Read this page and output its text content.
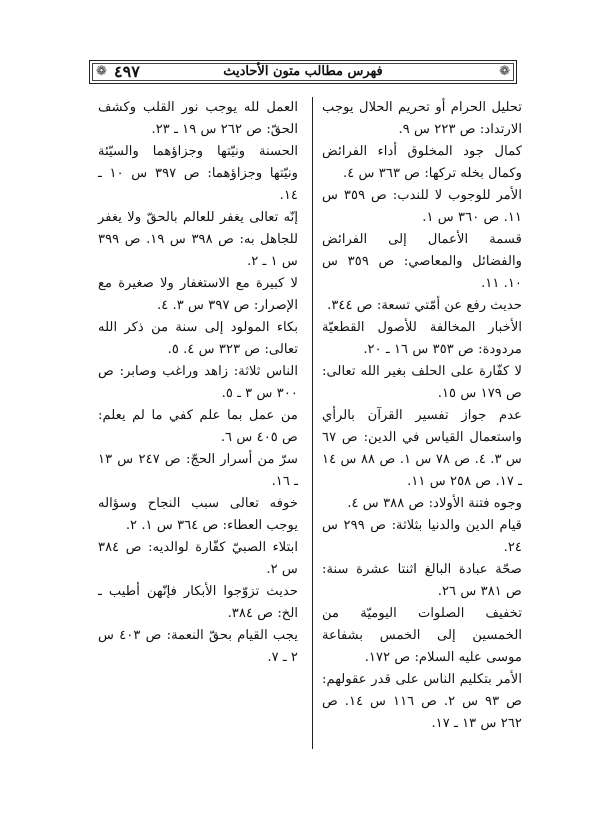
❁
فهرس مطالب متون الأحاديث
٤٩٧
❁

تحليل الحرام أو تحريم الحلال يوجب الارتداد: ص ٢٢٣ س ٩.

كمال جود المخلوق أداء الفرائض وكمال بخله تركها: ص ٣٦٣ س ٤.

الأمر للوجوب لا للندب: ص ٣٥٩ س ١١. ص ٣٦٠ س ١.

قسمة الأعمال إلى الفرائض والفضائل والمعاصي: ص ٣٥٩ س ١٠. ١١.

حديث رفع عن أمّتي تسعة: ص ٣٤٤.

الأخبار المخالفة للأصول القطعيّة مردودة: ص ٣٥٣ س ١٦ ـ ٢٠.

لا كفّارة على الحلف بغير الله تعالى: ص ١٧٩ س ١٥.

عدم جواز تفسير القرآن بالرأي واستعمال القياس في الدين: ص ٦٧ س ٣. ٤. ص ٧٨ س ١. ص ٨٨ س ١٤ ـ ١٧. ص ٢٥٨ س ١١.

وجوه فتنة الأولاد: ص ٣٨٨ س ٤.

قيام الدين والدنيا بثلاثة: ص ٢٩٩ س ٢٤.

صحّة عبادة البالغ اثنتا عشرة سنة: ص ٣٨١ س ٢٦.

تخفيف الصلوات اليوميّة من الخمسين إلى الخمس بشفاعة موسى عليه السلام: ص ١٧٢.

الأمر بتكليم الناس على قدر عقولهم: ص ٩٣ س ٢. ص ١١٦ س ١٤. ص ٢٦٢ س ١٣ ـ ١٧.

العمل لله يوجب نور القلب وكشف الحقّ: ص ٢٦٢ س ١٩ ـ ٢٣.

الحسنة ونيّتها وجزاؤهما والسيّئة ونيّتها وجزاؤهما: ص ٣٩٧ س ١٠ ـ ١٤.

إنّه تعالى يغفر للعالم بالحقّ ولا يغفر للجاهل به: ص ٣٩٨ س ١٩. ص ٣٩٩ س ١ ـ ٢.

لا كبيرة مع الاستغفار ولا صغيرة مع الإصرار: ص ٣٩٧ س ٣. ٤.

بكاء المولود إلى سنة من ذكر الله تعالى: ص ٣٢٣ س ٤. ٥.

الناس ثلاثة: زاهد وراغب وصابر: ص ٣٠٠ س ٣ ـ ٥.

من عمل بما علم كفي ما لم يعلم: ص ٤٠٥ س ٦.

سرّ من أسرار الحجّ: ص ٢٤٧ س ١٣ ـ ١٦.

خوفه تعالى سبب النجاح وسؤاله يوجب العطاء: ص ٣٦٤ س ١. ٢.

ابتلاء الصبيّ كفّارة لوالديه: ص ٣٨٤ س ٢.

حديث تزوّجوا الأبكار فإنّهن أطيب ـ الخ: ص ٣٨٤.

يجب القيام بحقّ النعمة: ص ٤٠٣ س ٢ ـ ٧.
